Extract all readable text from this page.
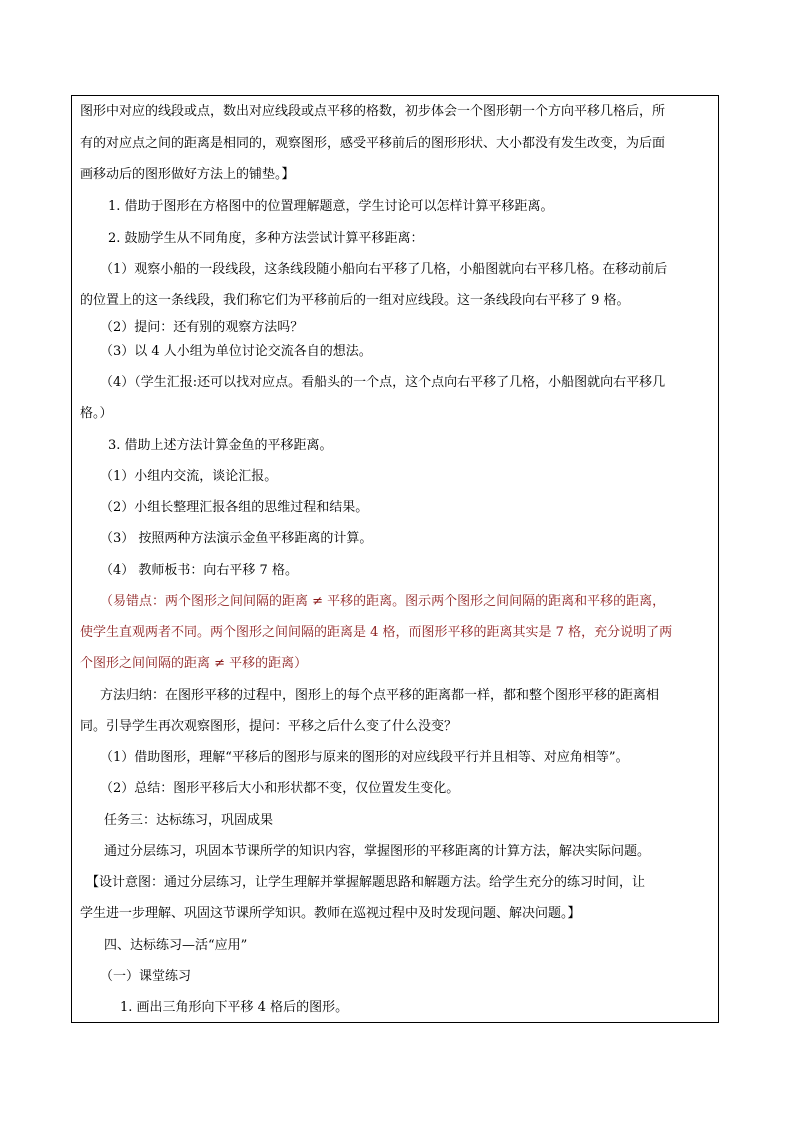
图形中对应的线段或点，数出对应线段或点平移的格数，初步体会一个图形朝一个方向平移几格后，所
有的对应点之间的距离是相同的，观察图形，感受平移前后的图形形状、大小都没有发生改变，为后面
画移动后的图形做好方法上的铺垫。】
1. 借助于图形在方格图中的位置理解题意，学生讨论可以怎样计算平移距离。
2. 鼓励学生从不同角度，多种方法尝试计算平移距离：
（1）观察小船的一段线段，这条线段随小船向右平移了几格，小船图就向右平移几格。在移动前后
的位置上的这一条线段，我们称它们为平移前后的一组对应线段。这一条线段向右平移了 9 格。
（2）提问：还有别的观察方法吗？
（3）以 4 人小组为单位讨论交流各自的想法。
（4）（学生汇报:还可以找对应点。看船头的一个点，这个点向右平移了几格，小船图就向右平移几
格。）
3. 借助上述方法计算金鱼的平移距离。
（1）小组内交流，谈论汇报。
（2）小组长整理汇报各组的思维过程和结果。
（3） 按照两种方法演示金鱼平移距离的计算。
（4） 教师板书：向右平移 7 格。
（易错点：两个图形之间间隔的距离 ≠ 平移的距离。图示两个图形之间间隔的距离和平移的距离，
使学生直观两者不同。两个图形之间间隔的距离是 4 格，而图形平移的距离其实是 7 格，充分说明了两
个图形之间间隔的距离 ≠ 平移的距离）
方法归纳：在图形平移的过程中，图形上的每个点平移的距离都一样，都和整个图形平移的距离相
同。引导学生再次观察图形，提问：平移之后什么变了什么没变？
（1）借助图形，理解“平移后的图形与原来的图形的对应线段平行并且相等、对应角相等”。
（2）总结：图形平移后大小和形状都不变，仅位置发生变化。
任务三：达标练习，巩固成果
通过分层练习，巩固本节课所学的知识内容，掌握图形的平移距离的计算方法，解决实际问题。
【设计意图：通过分层练习，让学生理解并掌握解题思路和解题方法。给学生充分的练习时间，让
学生进一步理解、巩固这节课所学知识。教师在巡视过程中及时发现问题、解决问题。】
四、达标练习—活“应用”
（一）课堂练习
1. 画出三角形向下平移 4 格后的图形。
